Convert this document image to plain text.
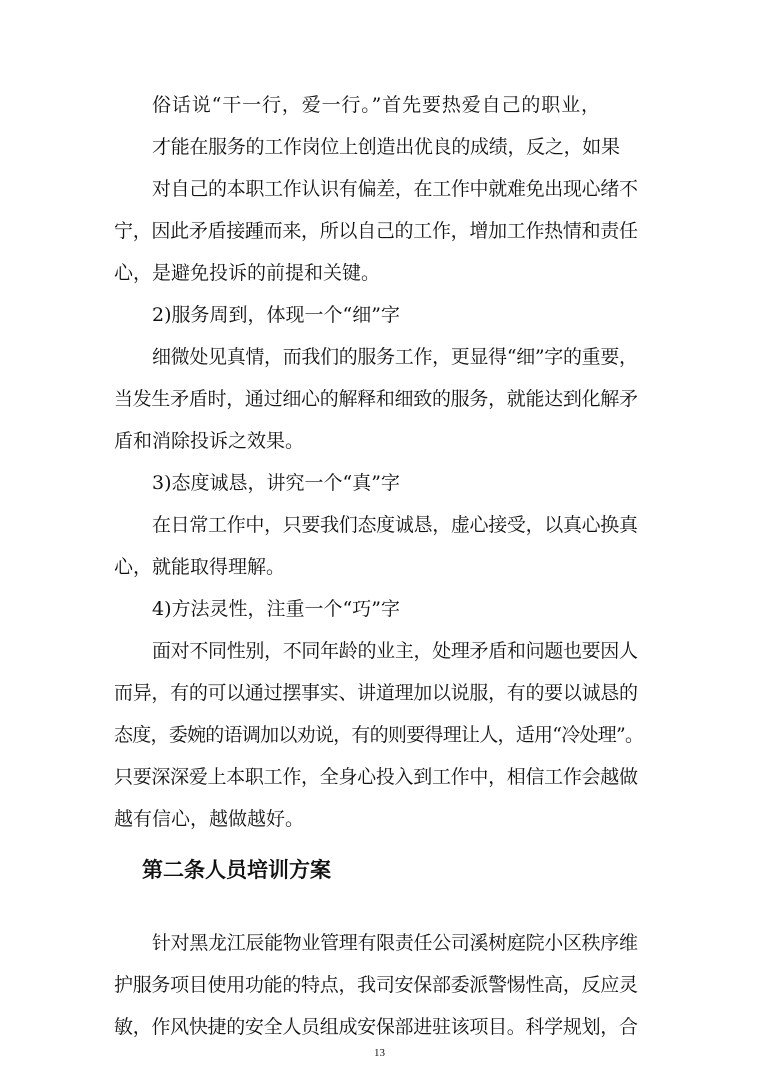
俗话说“干一行，爱一行。”首先要热爱自己的职业，
才能在服务的工作岗位上创造出优良的成绩，反之，如果
对自己的本职工作认识有偏差，在工作中就难免出现心绪不
宁，因此矛盾接踵而来，所以自己的工作，增加工作热情和责任
心，是避免投诉的前提和关键。
2)服务周到，体现一个“细”字
细微处见真情，而我们的服务工作，更显得“细”字的重要，
当发生矛盾时，通过细心的解释和细致的服务，就能达到化解矛
盾和消除投诉之效果。
3)态度诚恳，讲究一个“真”字
在日常工作中，只要我们态度诚恳，虚心接受，以真心换真
心，就能取得理解。
4)方法灵性，注重一个“巧”字
面对不同性别，不同年龄的业主，处理矛盾和问题也要因人
而异，有的可以通过摆事实、讲道理加以说服，有的要以诚恳的
态度，委婉的语调加以劝说，有的则要得理让人，适用“冷处理”。
只要深深爱上本职工作，全身心投入到工作中，相信工作会越做
越有信心，越做越好。
第二条人员培训方案
针对黑龙江辰能物业管理有限责任公司溪树庭院小区秩序维
护服务项目使用功能的特点，我司安保部委派警惕性高，反应灵
敏，作风快捷的安全人员组成安保部进驻该项目。科学规划，合
13
